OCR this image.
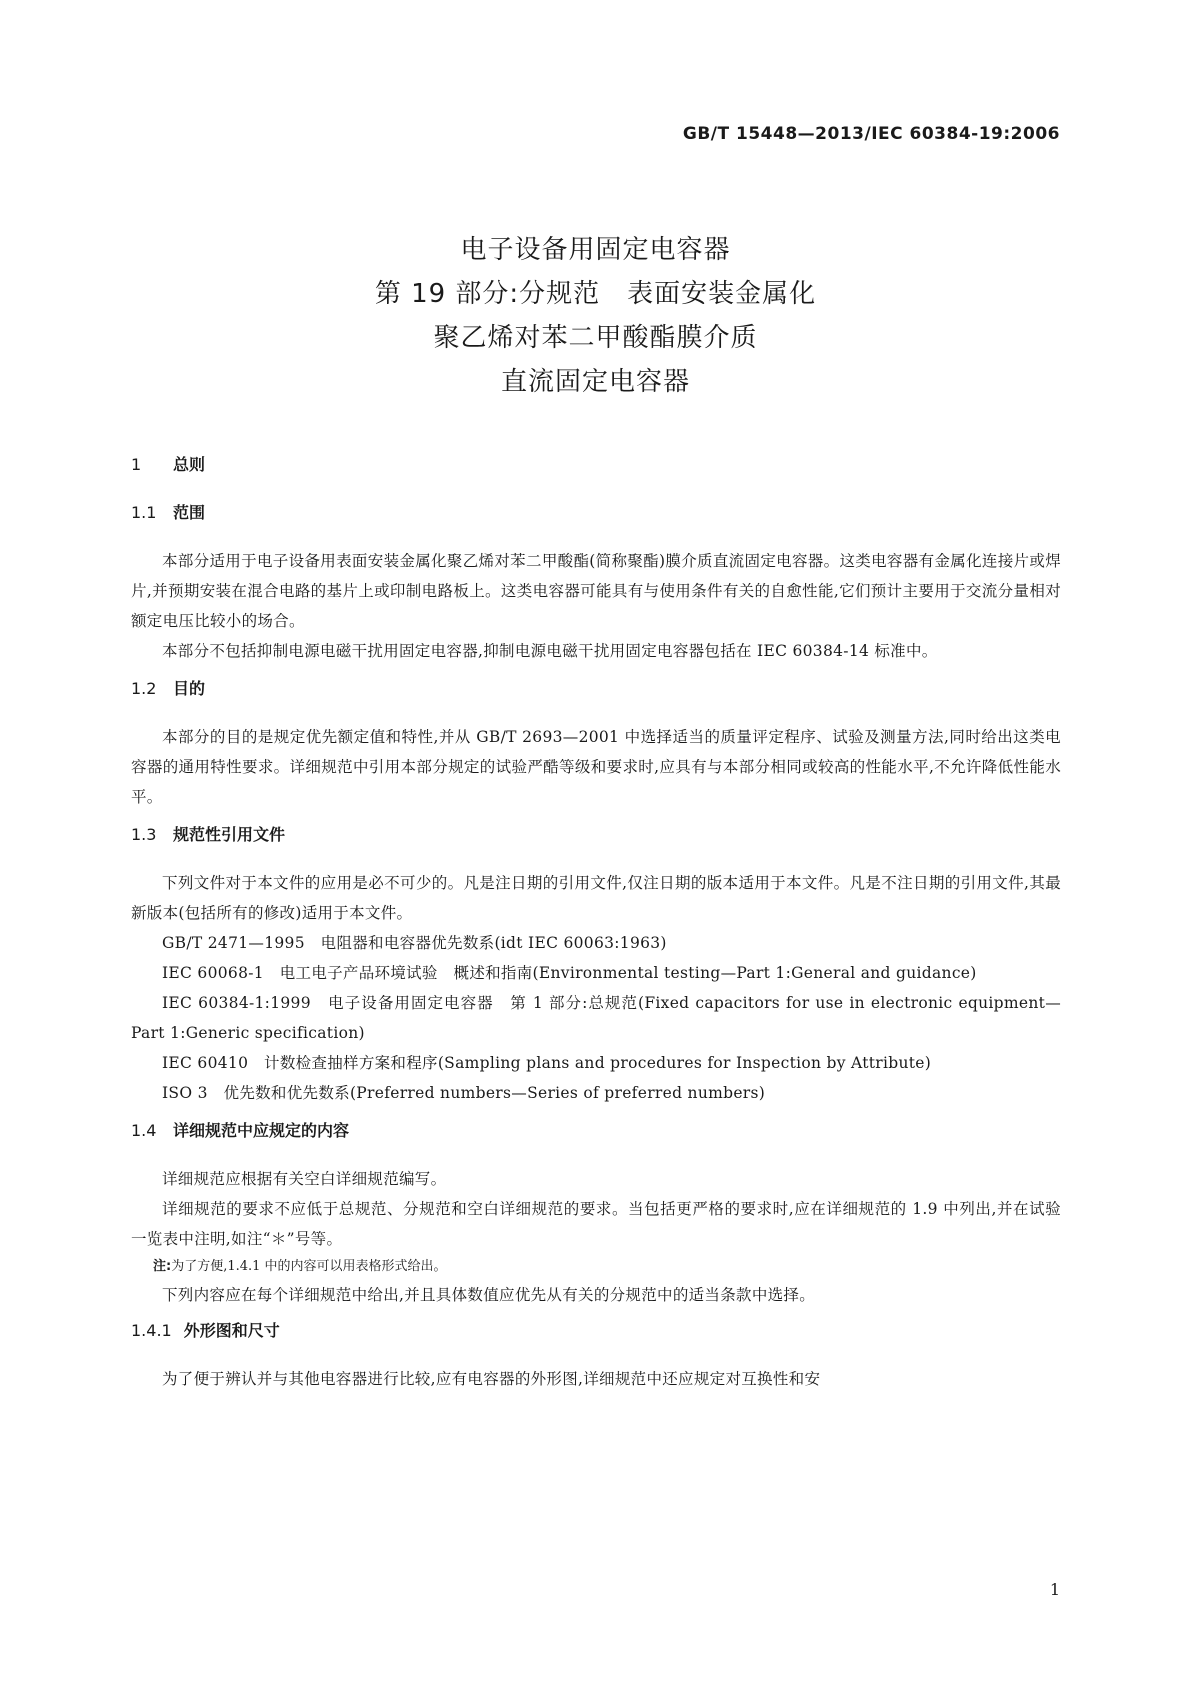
GB/T 15448—2013/IEC 60384-19:2006
电子设备用固定电容器
第 19 部分:分规范　表面安装金属化
聚乙烯对苯二甲酸酯膜介质
直流固定电容器
1 总则
1.1 范围

本部分适用于电子设备用表面安装金属化聚乙烯对苯二甲酸酯(简称聚酯)膜介质直流固定电容器。这类电容器有金属化连接片或焊片,并预期安装在混合电路的基片上或印制电路板上。这类电容器可能具有与使用条件有关的自愈性能,它们预计主要用于交流分量相对额定电压比较小的场合。

本部分不包括抑制电源电磁干扰用固定电容器,抑制电源电磁干扰用固定电容器包括在 IEC 60384-14 标准中。

1.2 目的

本部分的目的是规定优先额定值和特性,并从 GB/T 2693—2001 中选择适当的质量评定程序、试验及测量方法,同时给出这类电容器的通用特性要求。详细规范中引用本部分规定的试验严酷等级和要求时,应具有与本部分相同或较高的性能水平,不允许降低性能水平。

1.3 规范性引用文件

下列文件对于本文件的应用是必不可少的。凡是注日期的引用文件,仅注日期的版本适用于本文件。凡是不注日期的引用文件,其最新版本(包括所有的修改)适用于本文件。

GB/T 2471—1995　电阻器和电容器优先数系(idt IEC 60063:1963)

IEC 60068-1　电工电子产品环境试验　概述和指南(Environmental testing—Part 1:General and guidance)

IEC 60384-1:1999　电子设备用固定电容器　第 1 部分:总规范(Fixed capacitors for use in electronic equipment—Part 1:Generic specification)

IEC 60410　计数检查抽样方案和程序(Sampling plans and procedures for Inspection by Attribute)

ISO 3　优先数和优先数系(Preferred numbers—Series of preferred numbers)

1.4 详细规范中应规定的内容

详细规范应根据有关空白详细规范编写。

详细规范的要求不应低于总规范、分规范和空白详细规范的要求。当包括更严格的要求时,应在详细规范的 1.9 中列出,并在试验一览表中注明,如注“＊”号等。

注:为了方便,1.4.1 中的内容可以用表格形式给出。

下列内容应在每个详细规范中给出,并且具体数值应优先从有关的分规范中的适当条款中选择。

1.4.1 外形图和尺寸

为了便于辨认并与其他电容器进行比较,应有电容器的外形图,详细规范中还应规定对互换性和安

1
